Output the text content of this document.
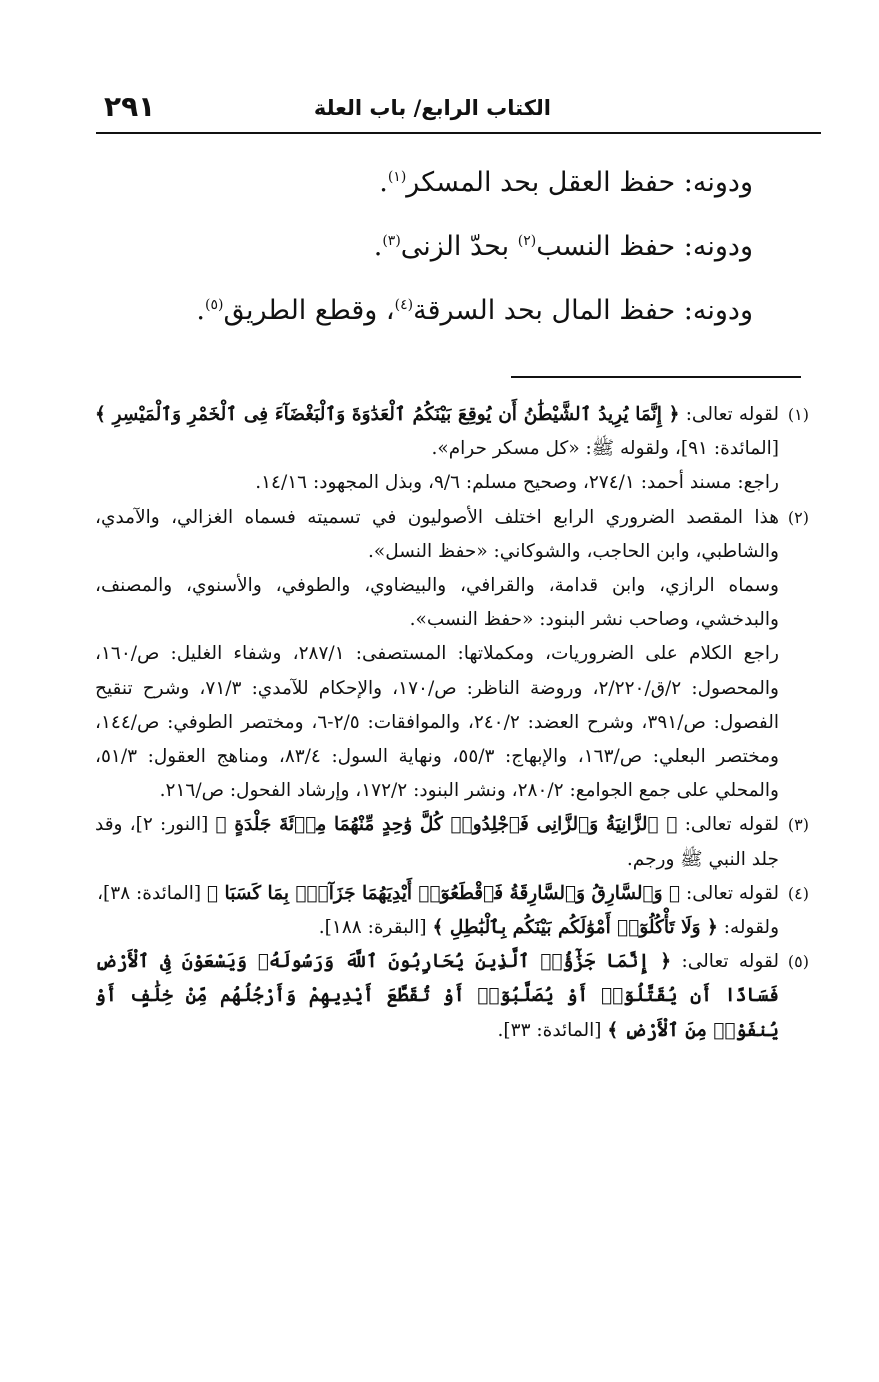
الكتاب الرابع/ باب العلة
٢٩١
ودونه: حفظ العقل بحد المسكر$^{(١)}$.
ودونه: حفظ النسب$^{(٢)}$ بحدّ الزنى$^{(٣)}$.
ودونه: حفظ المال بحد السرقة$^{(٤)}$، وقطع الطريق$^{(٥)}$.
(١)

لقوله تعالى: ﴿ إِنَّمَا يُرِيدُ ٱلشَّيْطَٰنُ أَن يُوقِعَ بَيْنَكُمُ ٱلْعَدَٰوَةَ وَٱلْبَغْضَآءَ فِى ٱلْخَمْرِ وَٱلْمَيْسِرِ ﴾ [المائدة: ٩١]، ولقوله ﷺ: «كل مسكر حرام».

راجع: مسند أحمد: ٢٧٤/١، وصحيح مسلم: ٩/٦، وبذل المجهود: ١٤/١٦.

(٢)

هذا المقصد الضروري الرابع اختلف الأصوليون في تسميته فسماه الغزالي، والآمدي، والشاطبي، وابن الحاجب، والشوكاني: «حفظ النسل».

وسماه الرازي، وابن قدامة، والقرافي، والبيضاوي، والطوفي، والأسنوي، والمصنف، والبدخشي، وصاحب نشر البنود: «حفظ النسب».

راجع الكلام على الضروريات، ومكملاتها: المستصفى: ٢٨٧/١، وشفاء الغليل: ص/١٦٠، والمحصول: ٢/ق/٢/٢٢٠، وروضة الناظر: ص/١٧٠، والإحكام للآمدي: ٧١/٣، وشرح تنقيح الفصول: ص/٣٩١، وشرح العضد: ٢٤٠/٢، والموافقات: ٢/٥-٦، ومختصر الطوفي: ص/١٤٤، ومختصر البعلي: ص/١٦٣، والإبهاج: ٥٥/٣، ونهاية السول: ٨٣/٤، ومناهج العقول: ٥١/٣، والمحلي على جمع الجوامع: ٢٨٠/٢، ونشر البنود: ١٧٢/٢، وإرشاد الفحول: ص/٢١٦.

(٣)

لقوله تعالى: ﴿ ٱلزَّانِيَةُ وَٱلزَّانِى فَٱجْلِدُوا۟ كُلَّ وَٰحِدٍ مِّنْهُمَا مِا۟ئَةَ جَلْدَةٍ ﴾ [النور: ٢]، وقد جلد النبي ﷺ ورجم.

(٤)

لقوله تعالى: ﴿ وَٱلسَّارِقُ وَٱلسَّارِقَةُ فَٱقْطَعُوٓا۟ أَيْدِيَهُمَا جَزَآءًۢ بِمَا كَسَبَا ﴾ [المائدة: ٣٨]،

ولقوله: ﴿ وَلَا تَأْكُلُوٓا۟ أَمْوَٰلَكُم بَيْنَكُم بِٱلْبَٰطِلِ ﴾ [البقرة: ١٨٨].

(٥)

لقوله تعالى: ﴿ إِنَّمَا جَزَٰٓؤُا۟ ٱلَّذِينَ يُحَارِبُونَ ٱللَّهَ وَرَسُولَهُۥ وَيَسْعَوْنَ فِى ٱلْأَرْضِ فَسَادًا أَن يُقَتَّلُوٓا۟ أَوْ يُصَلَّبُوٓا۟ أَوْ تُقَطَّعَ أَيْدِيهِمْ وَأَرْجُلُهُم مِّنْ خِلَٰفٍ أَوْ يُنفَوْا۟ مِنَ ٱلْأَرْضِ ﴾ [المائدة: ٣٣].
